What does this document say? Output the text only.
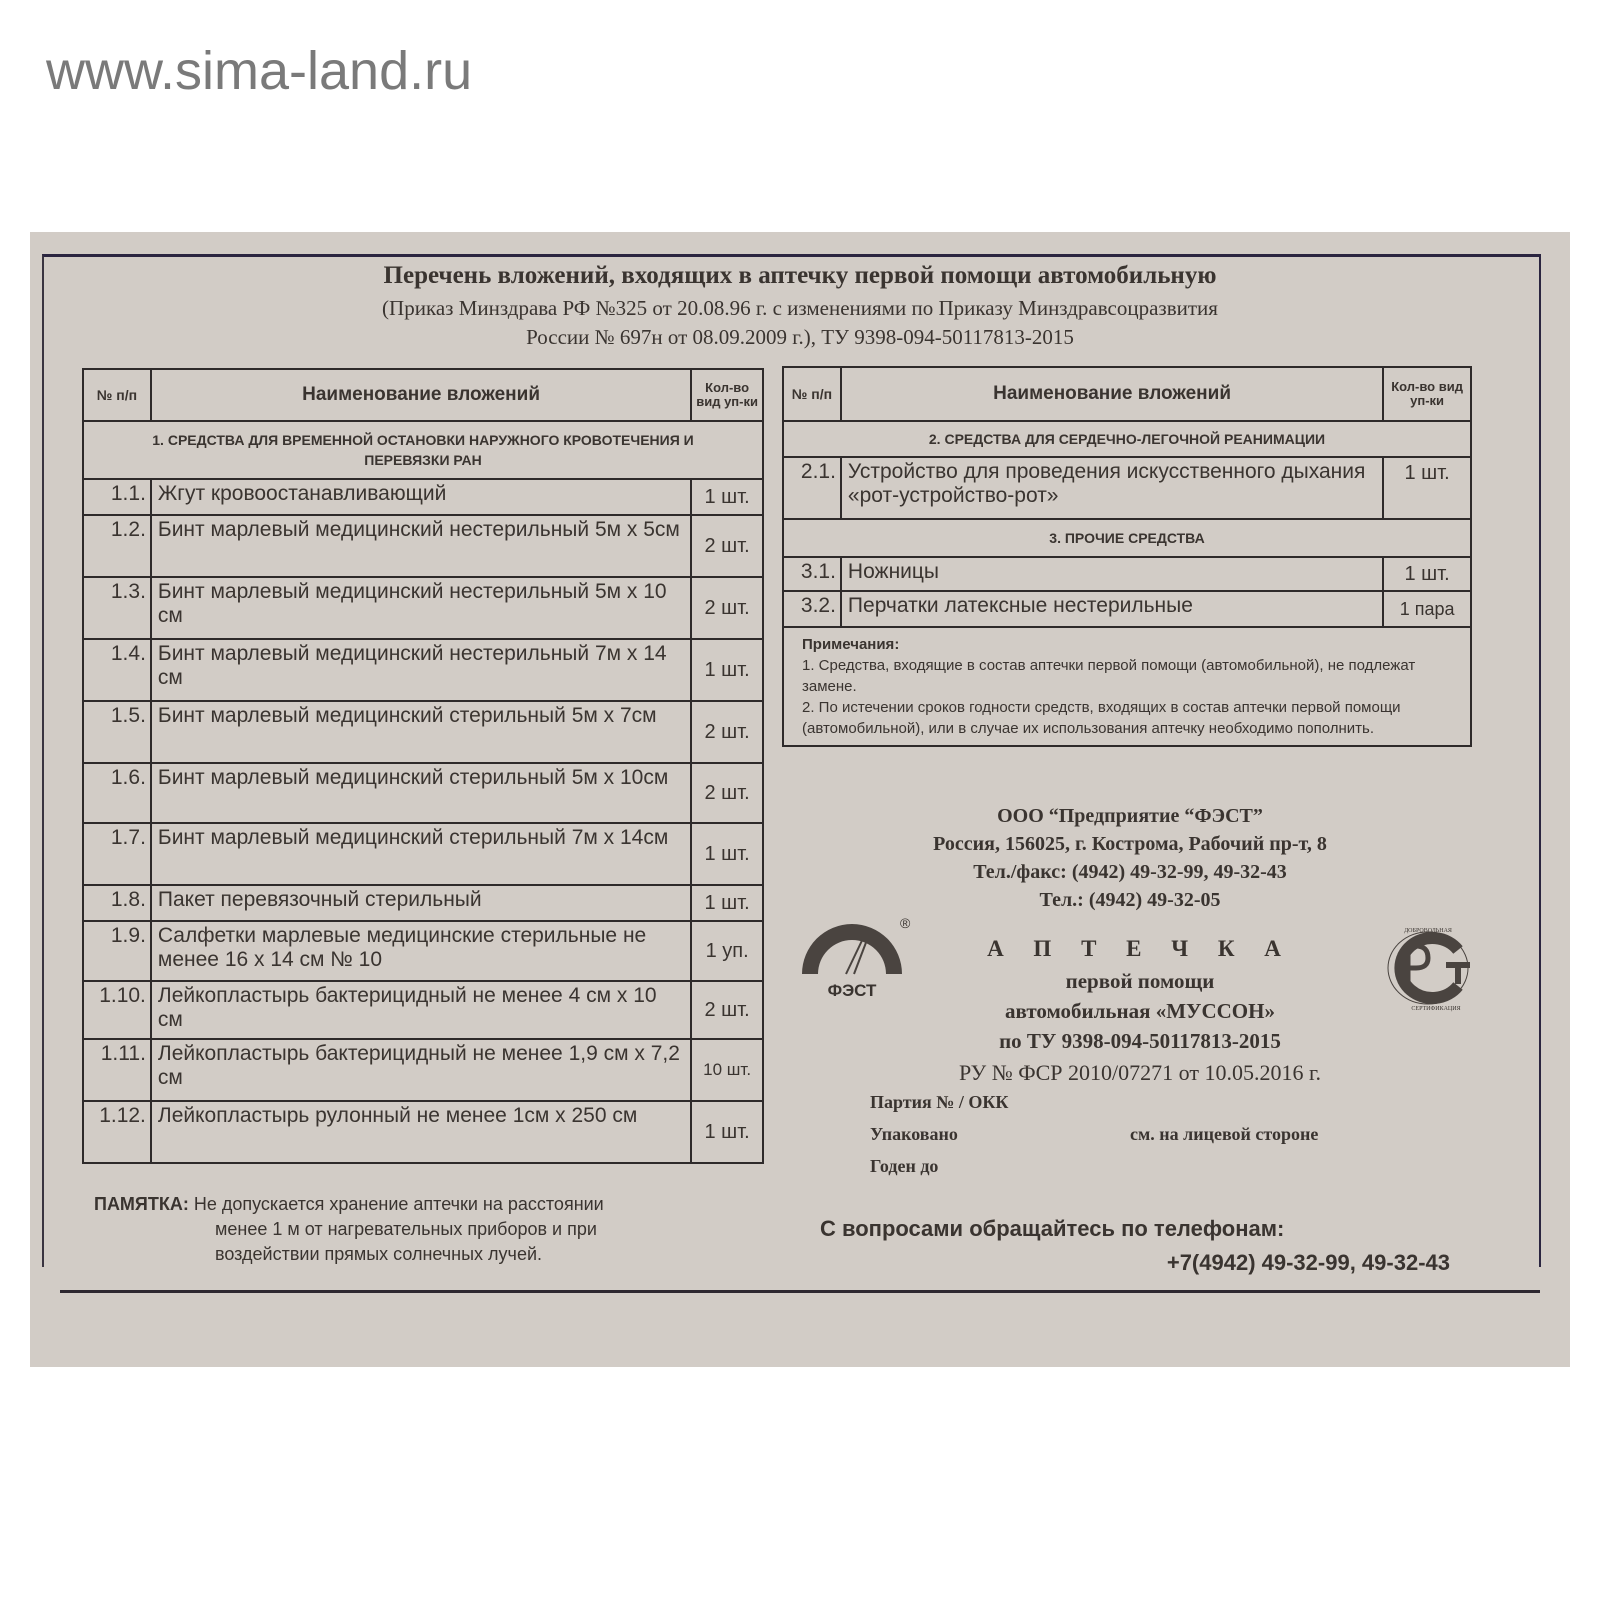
www.sima-land.ru
Перечень вложений, входящих в аптечку первой помощи автомобильную
(Приказ Минздрава РФ №325 от 20.08.96 г. с изменениями по Приказу Минздравсоцразвития
России № 697н от 08.09.2009 г.), ТУ 9398-094-50117813-2015
№ п/п	Наименование вложений	Кол-во вид уп-ки

1. СРЕДСТВА ДЛЯ ВРЕМЕННОЙ ОСТАНОВКИ НАРУЖНОГО КРОВОТЕЧЕНИЯ И ПЕРЕВЯЗКИ РАН		

1.1.	Жгут кровоостанавливающий	1 шт.
1.2.	Бинт марлевый медицинский нестерильный 5м х 5см	2 шт.
1.3.	Бинт марлевый медицинский нестерильный 5м х 10 см	2 шт.
1.4.	Бинт марлевый медицинский нестерильный 7м х 14 см	1 шт.
1.5.	Бинт марлевый медицинский стерильный 5м х 7см	2 шт.
1.6.	Бинт марлевый медицинский стерильный 5м х 10см	2 шт.
1.7.	Бинт марлевый медицинский стерильный 7м х 14см	1 шт.
1.8.	Пакет перевязочный стерильный	1 шт.
1.9.	Салфетки марлевые медицинские стерильные не менее 16 х 14 см № 10	1 уп.
1.10.	Лейкопластырь бактерицидный не менее 4 см х 10 см	2 шт.
1.11.	Лейкопластырь бактерицидный не менее 1,9 см х 7,2 см	10 шт.
1.12.	Лейкопластырь рулонный не менее 1см х 250 см	1 шт.
№ п/п	Наименование вложений	Кол-во вид уп-ки
2. СРЕДСТВА ДЛЯ СЕРДЕЧНО-ЛЕГОЧНОЙ РЕАНИМАЦИИ		
2.1.	Устройство для проведения искусственного дыхания «рот-устройство-рот»	1 шт.
3. ПРОЧИЕ СРЕДСТВА		
3.1.	Ножницы	1 шт.
3.2.	Перчатки латексные нестерильные	1 пара

Примечания:
1. Средства, входящие в состав аптечки первой помощи (автомобильной), не подлежат замене.
2. По истечении сроков годности средств, входящих в состав аптечки первой помощи (автомобильной), или в случае их использования аптечку необходимо пополнить.		
ООО “Предприятие “ФЭСТ”
Россия, 156025, г. Кострома, Рабочий пр-т, 8
Тел./факс: (4942) 49-32-99, 49-32-43
Тел.: (4942) 49-32-05
ФЭСТ
®	ДОБРОВОЛЬНАЯ
СЕРТИФИКАЦИЯ
А П Т Е Ч К А
первой помощи
автомобильная «МУССОН»
по ТУ 9398-094-50117813-2015
РУ № ФСР 2010/07271 от 10.05.2016 г.
Партия № / ОКК
Упаковано	см. на лицевой стороне
Годен до
ПАМЯТКА: Не допускается хранение аптечки на расстоянии
менее 1 м от нагревательных приборов и при
воздействии прямых солнечных лучей.
С вопросами обращайтесь по телефонам:
+7(4942) 49-32-99, 49-32-43
